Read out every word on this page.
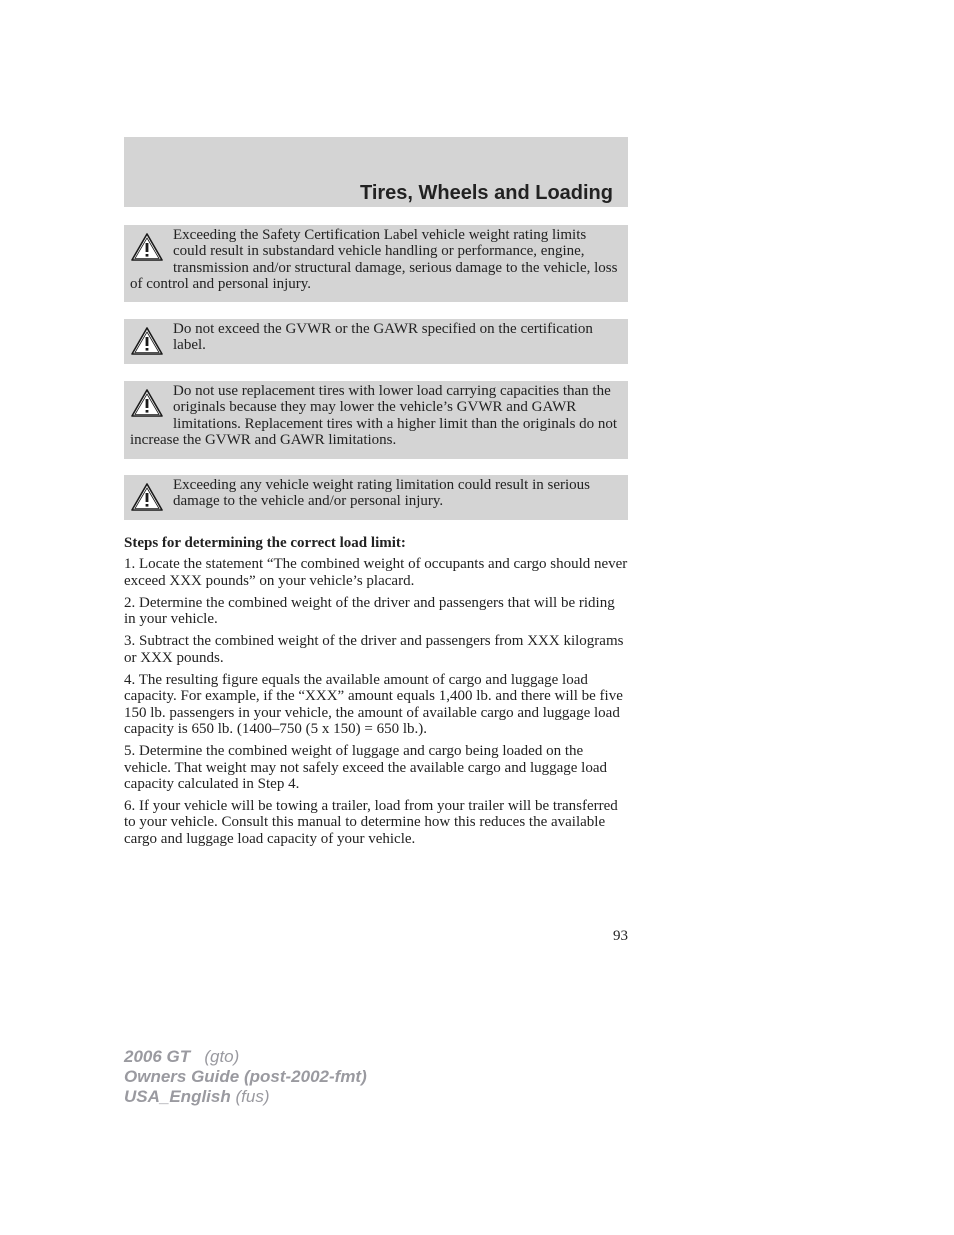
Tires, Wheels and Loading
Exceeding the Safety Certification Label vehicle weight rating limits could result in substandard vehicle handling or performance, engine, transmission and/or structural damage, serious damage to the vehicle, loss of control and personal injury.
Do not exceed the GVWR or the GAWR specified on the certification label.
Do not use replacement tires with lower load carrying capacities than the originals because they may lower the vehicle’s GVWR and GAWR limitations. Replacement tires with a higher limit than the originals do not increase the GVWR and GAWR limitations.
Exceeding any vehicle weight rating limitation could result in serious damage to the vehicle and/or personal injury.

Steps for determining the correct load limit:

1. Locate the statement “The combined weight of occupants and cargo should never exceed XXX pounds” on your vehicle’s placard.

2. Determine the combined weight of the driver and passengers that will be riding in your vehicle.

3. Subtract the combined weight of the driver and passengers from XXX kilograms or XXX pounds.

4. The resulting figure equals the available amount of cargo and luggage load capacity. For example, if the “XXX” amount equals 1,400 lb. and there will be five 150 lb. passengers in your vehicle, the amount of available cargo and luggage load capacity is 650 lb. (1400–750 (5 x 150) = 650 lb.).

5. Determine the combined weight of luggage and cargo being loaded on the vehicle. That weight may not safely exceed the available cargo and luggage load capacity calculated in Step 4.

6. If your vehicle will be towing a trailer, load from your trailer will be transferred to your vehicle. Consult this manual to determine how this reduces the available cargo and luggage load capacity of your vehicle.

93
2006 GT (gto)
Owners Guide (post-2002-fmt)
USA_English (fus)
